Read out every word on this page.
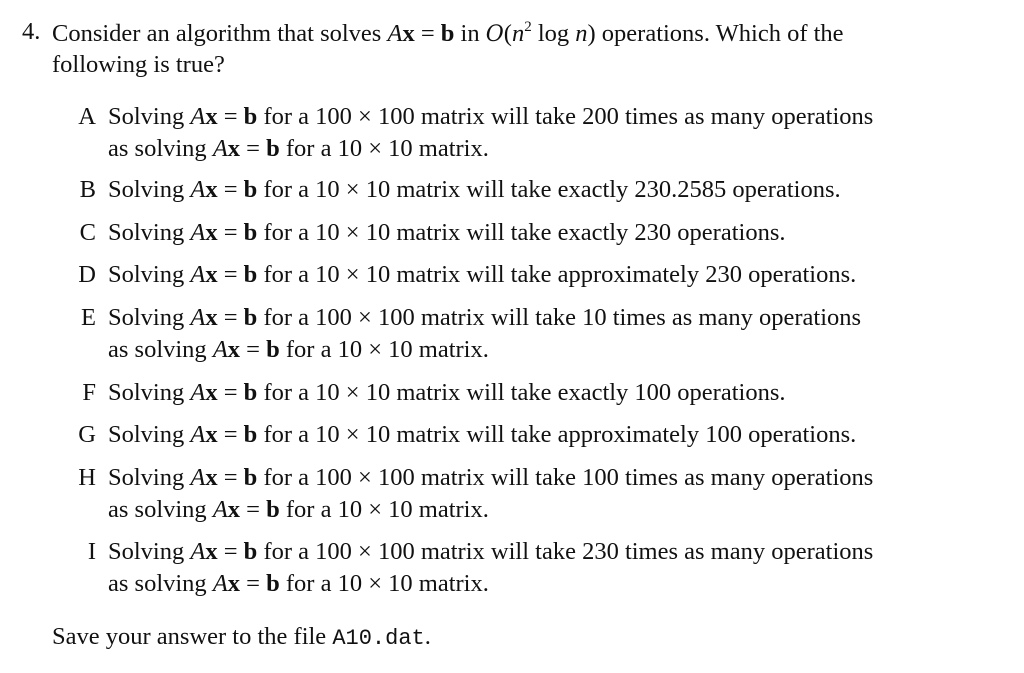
4. Consider an algorithm that solves Ax = b in $O(n^2$ log n) operations. Which of the
following is true?
A Solving Ax = b for a 100 × 100 matrix will take 200 times as many operations
as solving Ax = b for a 10 × 10 matrix.
B Solving Ax = b for a 10 × 10 matrix will take exactly 230.2585 operations.
C Solving Ax = b for a 10 × 10 matrix will take exactly 230 operations.
D Solving Ax = b for a 10 × 10 matrix will take approximately 230 operations.
E Solving Ax = b for a 100 × 100 matrix will take 10 times as many operations
as solving Ax = b for a 10 × 10 matrix.
F Solving Ax = b for a 10 × 10 matrix will take exactly 100 operations.
G Solving Ax = b for a 10 × 10 matrix will take approximately 100 operations.
H Solving Ax = b for a 100 × 100 matrix will take 100 times as many operations
as solving Ax = b for a 10 × 10 matrix.
I Solving Ax = b for a 100 × 100 matrix will take 230 times as many operations
as solving Ax = b for a 10 × 10 matrix.
Save your answer to the file A10.dat.
